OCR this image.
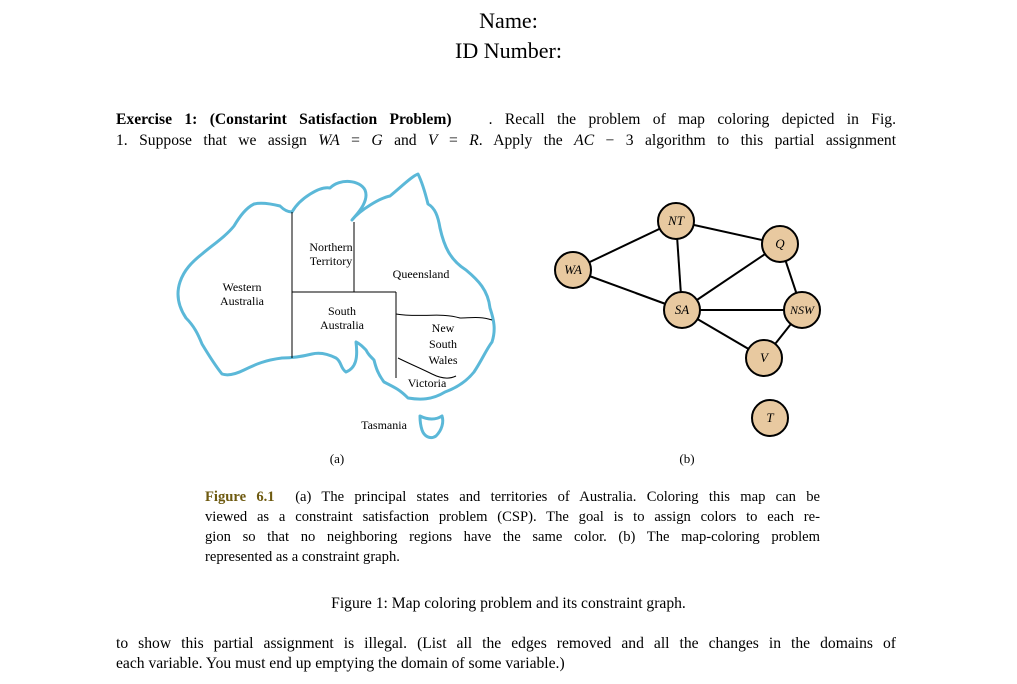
Name:
ID Number:
Exercise 1: (Constarint Satisfaction Problem) . Recall the problem of map coloring depicted in Fig.
1. Suppose that we assign WA = G and V = R. Apply the AC − 3 algorithm to this partial assignment
Northern
Territory
Queensland
Western
Australia
South
Australia	New
South
Wales
Victoria
Tasmania
(a)
NT
Q
WA
SA	NSW
V
T
(b)
Figure 6.1 (a) The principal states and territories of Australia. Coloring this map can be
viewed as a constraint satisfaction problem (CSP). The goal is to assign colors to each re-
gion so that no neighboring regions have the same color. (b) The map-coloring problem
represented as a constraint graph.
Figure 1: Map coloring problem and its constraint graph.
to show this partial assignment is illegal. (List all the edges removed and all the changes in the domains of
each variable. You must end up emptying the domain of some variable.)
